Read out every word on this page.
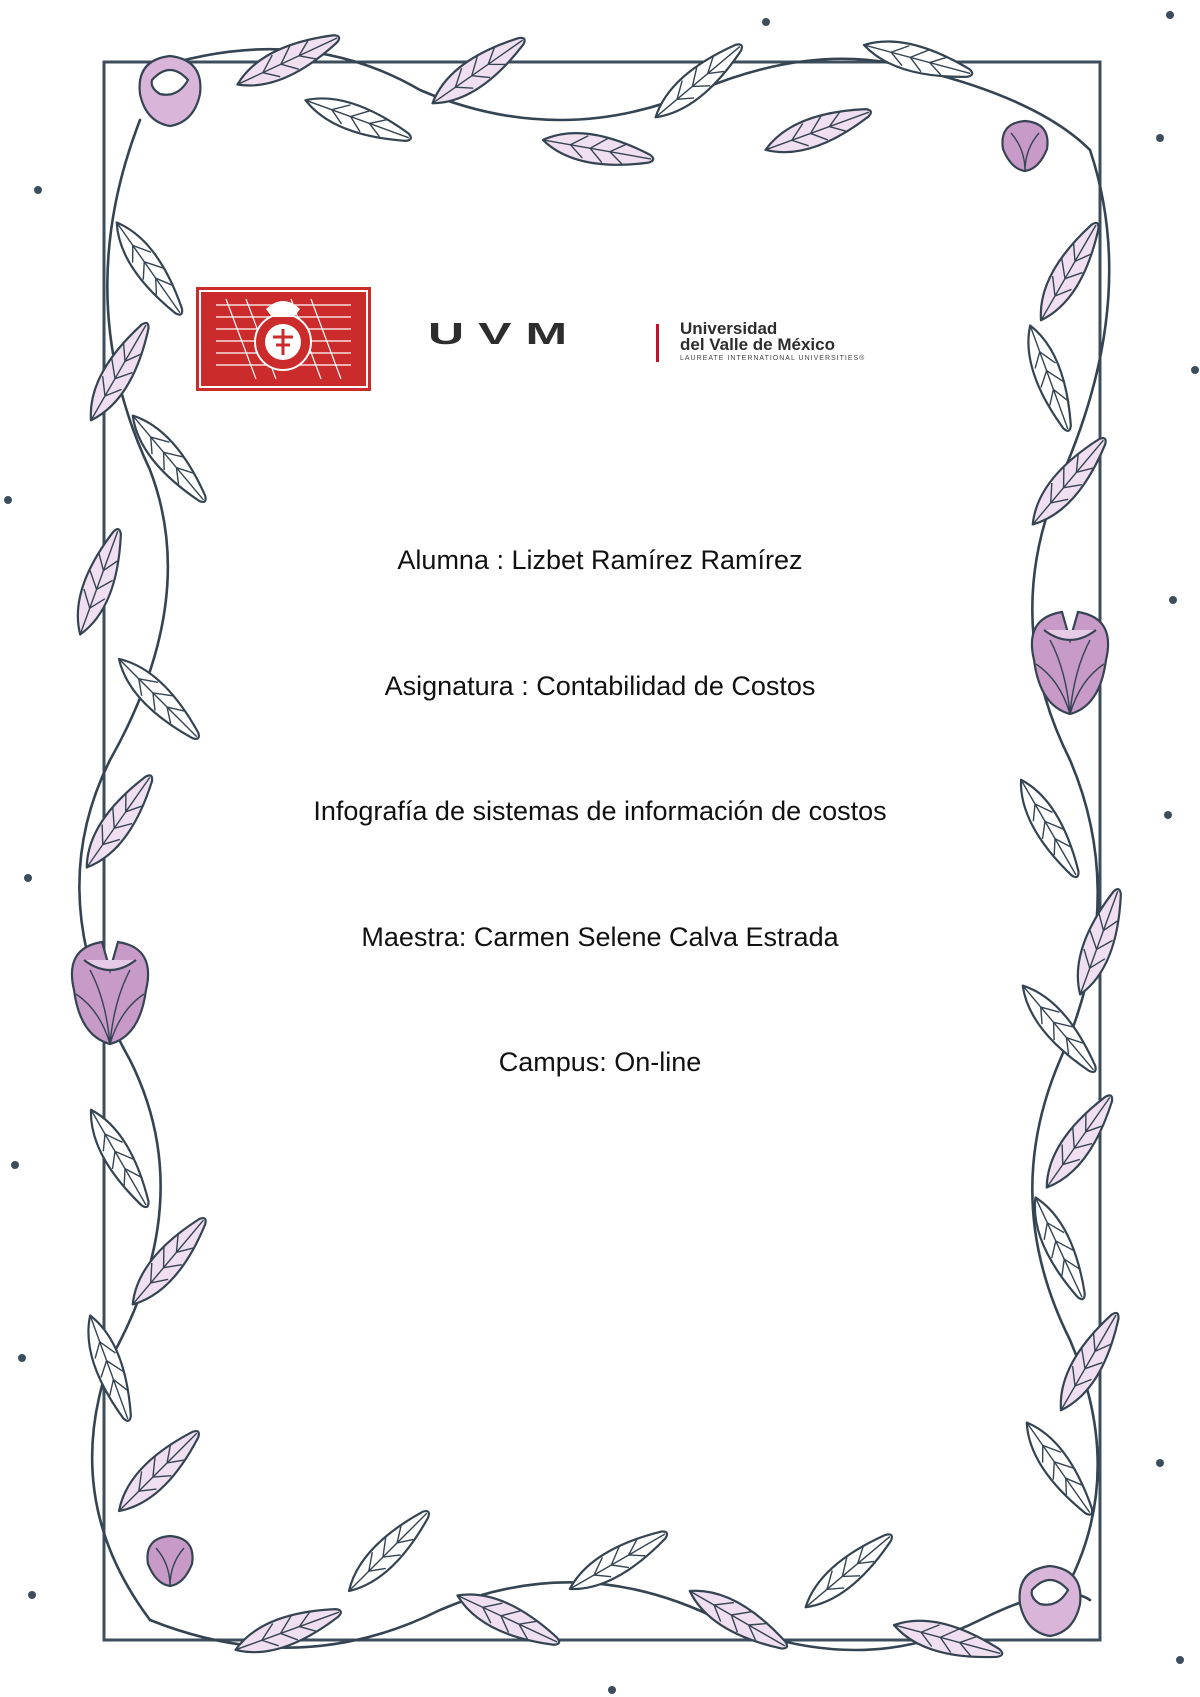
UVM	Universidad
del Valle de México
LAUREATE INTERNATIONAL UNIVERSITIES®

Alumna : Lizbet Ramírez Ramírez

Asignatura : Contabilidad de Costos

Infografía de sistemas de información de costos

Maestra: Carmen Selene Calva Estrada

Campus: On-line
